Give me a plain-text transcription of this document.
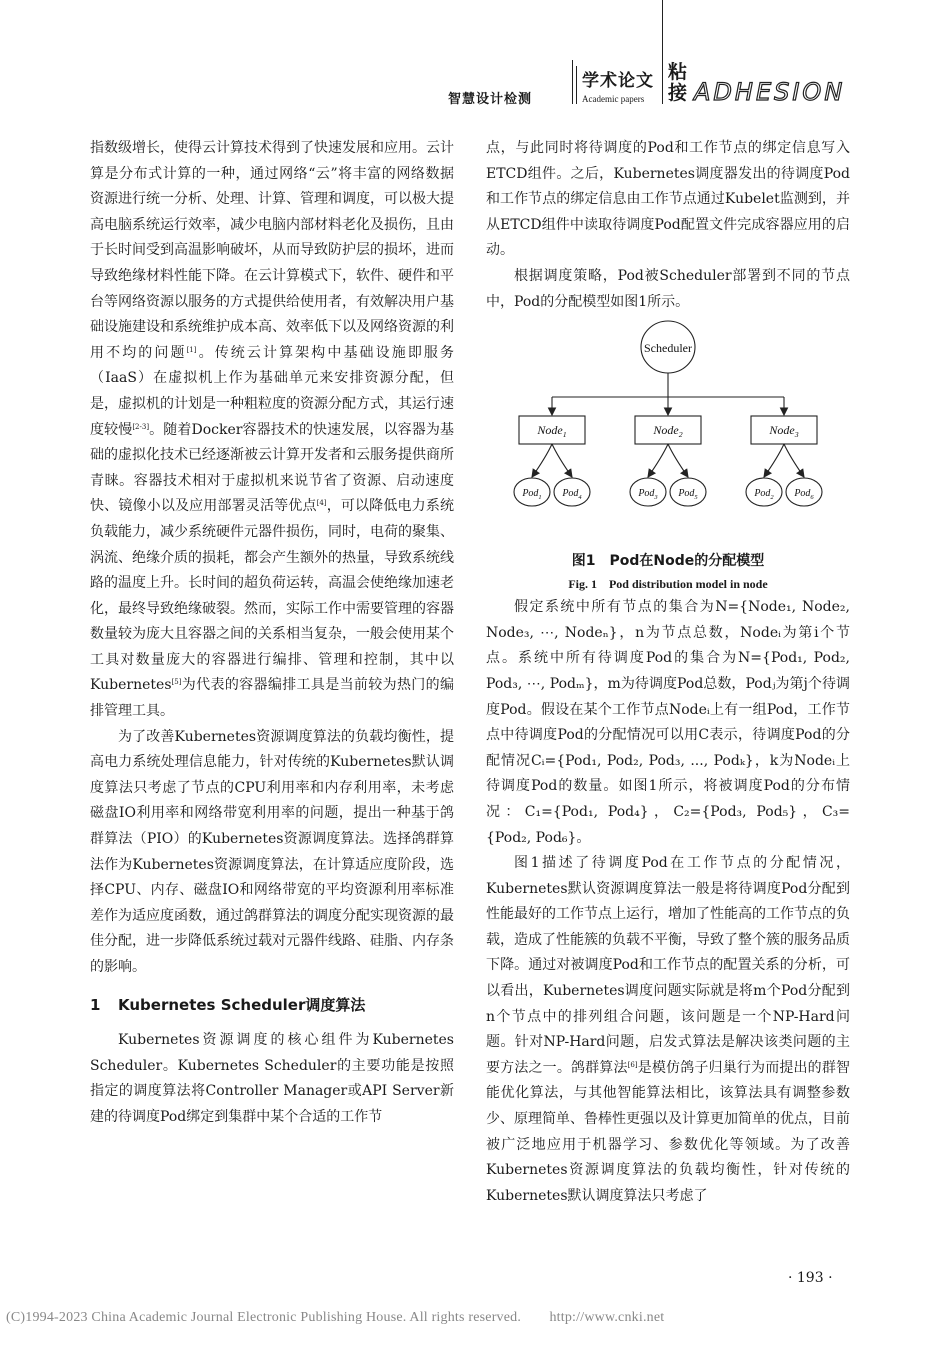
智慧设计检测
学术论文
Academic papers
粘接 ADHESION

指数级增长，使得云计算技术得到了快速发展和应用。云计算是分布式计算的一种，通过网络“云”将丰富的网络数据资源进行统一分析、处理、计算、管理和调度，可以极大提高电脑系统运行效率，减少电脑内部材料老化及损伤，且由于长时间受到高温影响破坏，从而导致防护层的损坏，进而导致绝缘材料性能下降。在云计算模式下，软件、硬件和平台等网络资源以服务的方式提供给使用者，有效解决用户基础设施建设和系统维护成本高、效率低下以及网络资源的利用不均的问题[1]。传统云计算架构中基础设施即服务（IaaS）在虚拟机上作为基础单元来安排资源分配，但是，虚拟机的计划是一种粗粒度的资源分配方式，其运行速度较慢[2-3]。随着Docker容器技术的快速发展，以容器为基础的虚拟化技术已经逐渐被云计算开发者和云服务提供商所青睐。容器技术相对于虚拟机来说节省了资源、启动速度快、镜像小以及应用部署灵活等优点[4]，可以降低电力系统负载能力，减少系统硬件元器件损伤，同时，电荷的聚集、涡流、绝缘介质的损耗，都会产生额外的热量，导致系统线路的温度上升。长时间的超负荷运转，高温会使绝缘加速老化，最终导致绝缘破裂。然而，实际工作中需要管理的容器数量较为庞大且容器之间的关系相当复杂，一般会使用某个工具对数量庞大的容器进行编排、管理和控制，其中以Kubernetes[5]为代表的容器编排工具是当前较为热门的编排管理工具。

为了改善Kubernetes资源调度算法的负载均衡性，提高电力系统处理信息能力，针对传统的Kubernetes默认调度算法只考虑了节点的CPU利用率和内存利用率，未考虑磁盘IO利用率和网络带宽利用率的问题，提出一种基于鸽群算法（PIO）的Kubernetes资源调度算法。选择鸽群算法作为Kubernetes资源调度算法，在计算适应度阶段，选择CPU、内存、磁盘IO和网络带宽的平均资源利用率标准差作为适应度函数，通过鸽群算法的调度分配实现资源的最佳分配，进一步降低系统过载对元器件线路、硅脂、内存条的影响。

1 Kubernetes Scheduler调度算法

Kubernetes资源调度的核心组件为Kubernetes Scheduler。Kubernetes Scheduler的主要功能是按照指定的调度算法将Controller Manager或API Server新建的待调度Pod绑定到集群中某个合适的工作节

点，与此同时将待调度的Pod和工作节点的绑定信息写入ETCD组件。之后，Kubernetes调度器发出的待调度Pod和工作节点的绑定信息由工作节点通过Kubelet监测到，并从ETCD组件中读取待调度Pod配置文件完成容器应用的启动。

根据调度策略，Pod被Scheduler部署到不同的节点中，Pod的分配模型如图1所示。

Scheduler
Node$_1$
Pod$_1$ Pod$_4$
Node$_2$
Pod$_3$ Pod$_5$
Node$_3$
Pod$_2$ Pod$_6$
图1　Pod在Node的分配模型
Fig. 1　Pod distribution model in node

假定系统中所有节点的集合为N={Node₁, Node₂, Node₃, ⋯, Nodeₙ}，n为节点总数，Nodeᵢ为第i个节点。系统中所有待调度Pod的集合为N={Pod₁, Pod₂, Pod₃, ⋯, Podₘ}，m为待调度Pod总数，Podⱼ为第j个待调度Pod。假设在某个工作节点Nodeᵢ上有一组Pod，工作节点中待调度Pod的分配情况可以用C表示，待调度Pod的分配情况Cᵢ={Pod₁, Pod₂, Pod₃, ..., Podₖ}，k为Nodeᵢ上待调度Pod的数量。如图1所示，将被调度Pod的分布情况：C₁={Pod₁, Pod₄}，C₂={Pod₃, Pod₅}，C₃={Pod₂, Pod₆}。

图1描述了待调度Pod在工作节点的分配情况，Kubernetes默认资源调度算法一般是将待调度Pod分配到性能最好的工作节点上运行，增加了性能高的工作节点的负载，造成了性能簇的负载不平衡，导致了整个簇的服务品质下降。通过对被调度Pod和工作节点的配置关系的分析，可以看出，Kubernetes调度问题实际就是将m个Pod分配到n个节点中的排列组合问题，该问题是一个NP-Hard问题。针对NP-Hard问题，启发式算法是解决该类问题的主要方法之一。鸽群算法[6]是模仿鸽子归巢行为而提出的群智能优化算法，与其他智能算法相比，该算法具有调整参数少、原理简单、鲁棒性更强以及计算更加简单的优点，目前被广泛地应用于机器学习、参数优化等领域。为了改善Kubernetes资源调度算法的负载均衡性，针对传统的Kubernetes默认调度算法只考虑了

· 193 ·
(C)1994-2023 China Academic Journal Electronic Publishing House. All rights reserved.　　http://www.cnki.net
